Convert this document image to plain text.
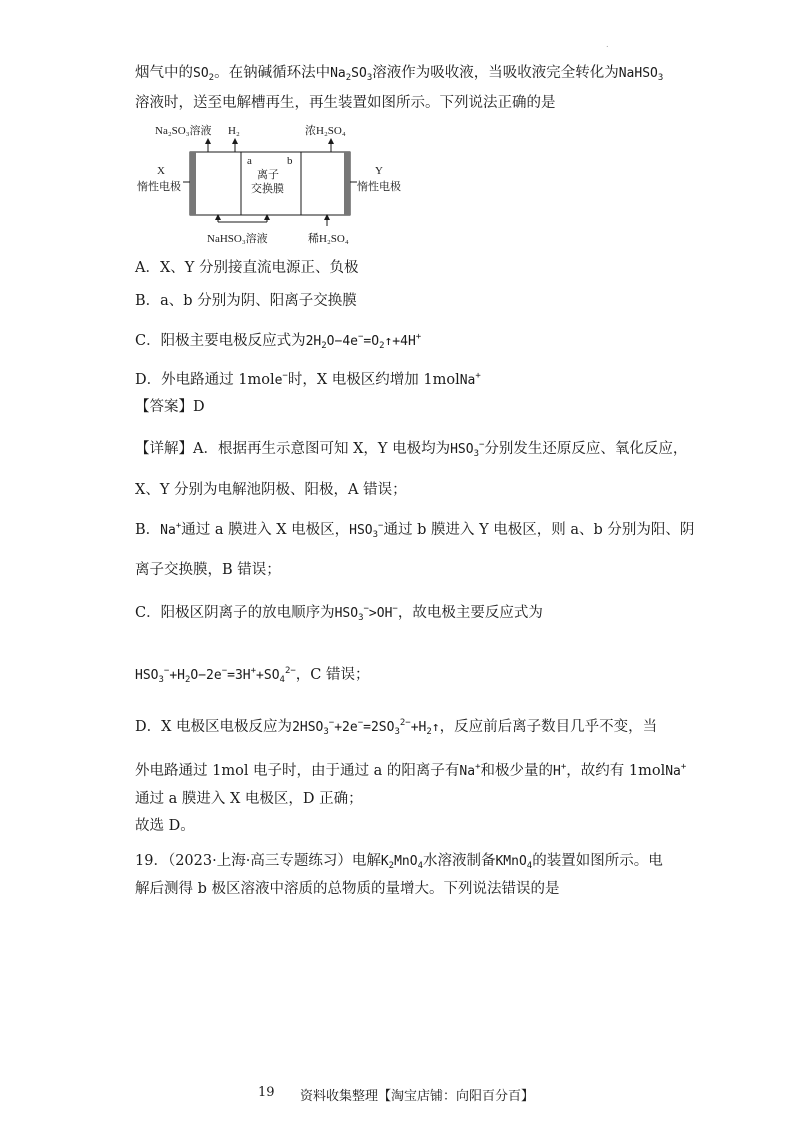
.
烟气中的$SO_2$。在钠碱循环法中$Na_2SO_3$溶液作为吸收液，当吸收液完全转化为NaHSO$_3$
溶液时，送至电解槽再生，再生装置如图所示。下列说法正确的是
Na₂SO₃溶液 H₂	浓H₂SO₄
a	b
离子
交换膜
X
惰性电极
Y
惰性电极
NaHSO₃溶液	稀H₂SO₄
A．X、Y 分别接直流电源正、负极
B．a、b 分别为阴、阳离子交换膜
C．阳极主要电极反应式为$2H_2O-4e^-=O_2↑+4H^+$
D．外电路通过 1mole−时，X 电极区约增加 1molNa+
【答案】D
【详解】A．根据再生示意图可知 X，Y 电极均为$HSO_3^-$分别发生还原反应、氧化反应，
X、Y 分别为电解池阴极、阳极，A 错误；
B．Na+通过 a 膜进入 X 电极区，$HSO_3^-$通过 b 膜进入 Y 电极区，则 a、b 分别为阳、阴
离子交换膜，B 错误；
C．阳极区阴离子的放电顺序为$HSO_3^->OH^-$，故电极主要反应式为
$HSO_3^-+H_2O-2e^-=3H^++SO_4^{2-}$，C 错误；
D．X 电极区电极反应为$2HSO_3^-+2e^-=2SO_3^{2-}+H_2↑$，反应前后离子数目几乎不变，当
外电路通过 1mol 电子时，由于通过 a 的阳离子有Na+和极少量的H+，故约有 1molNa+
通过 a 膜进入 X 电极区，D 正确；
故选 D。
19．（2023·上海·高三专题练习）电解$K_2MnO_4$水溶液制备KMnO$_4$的装置如图所示。电
解后测得 b 极区溶液中溶质的总物质的量增大。下列说法错误的是
19 资料收集整理【淘宝店铺：向阳百分百】
